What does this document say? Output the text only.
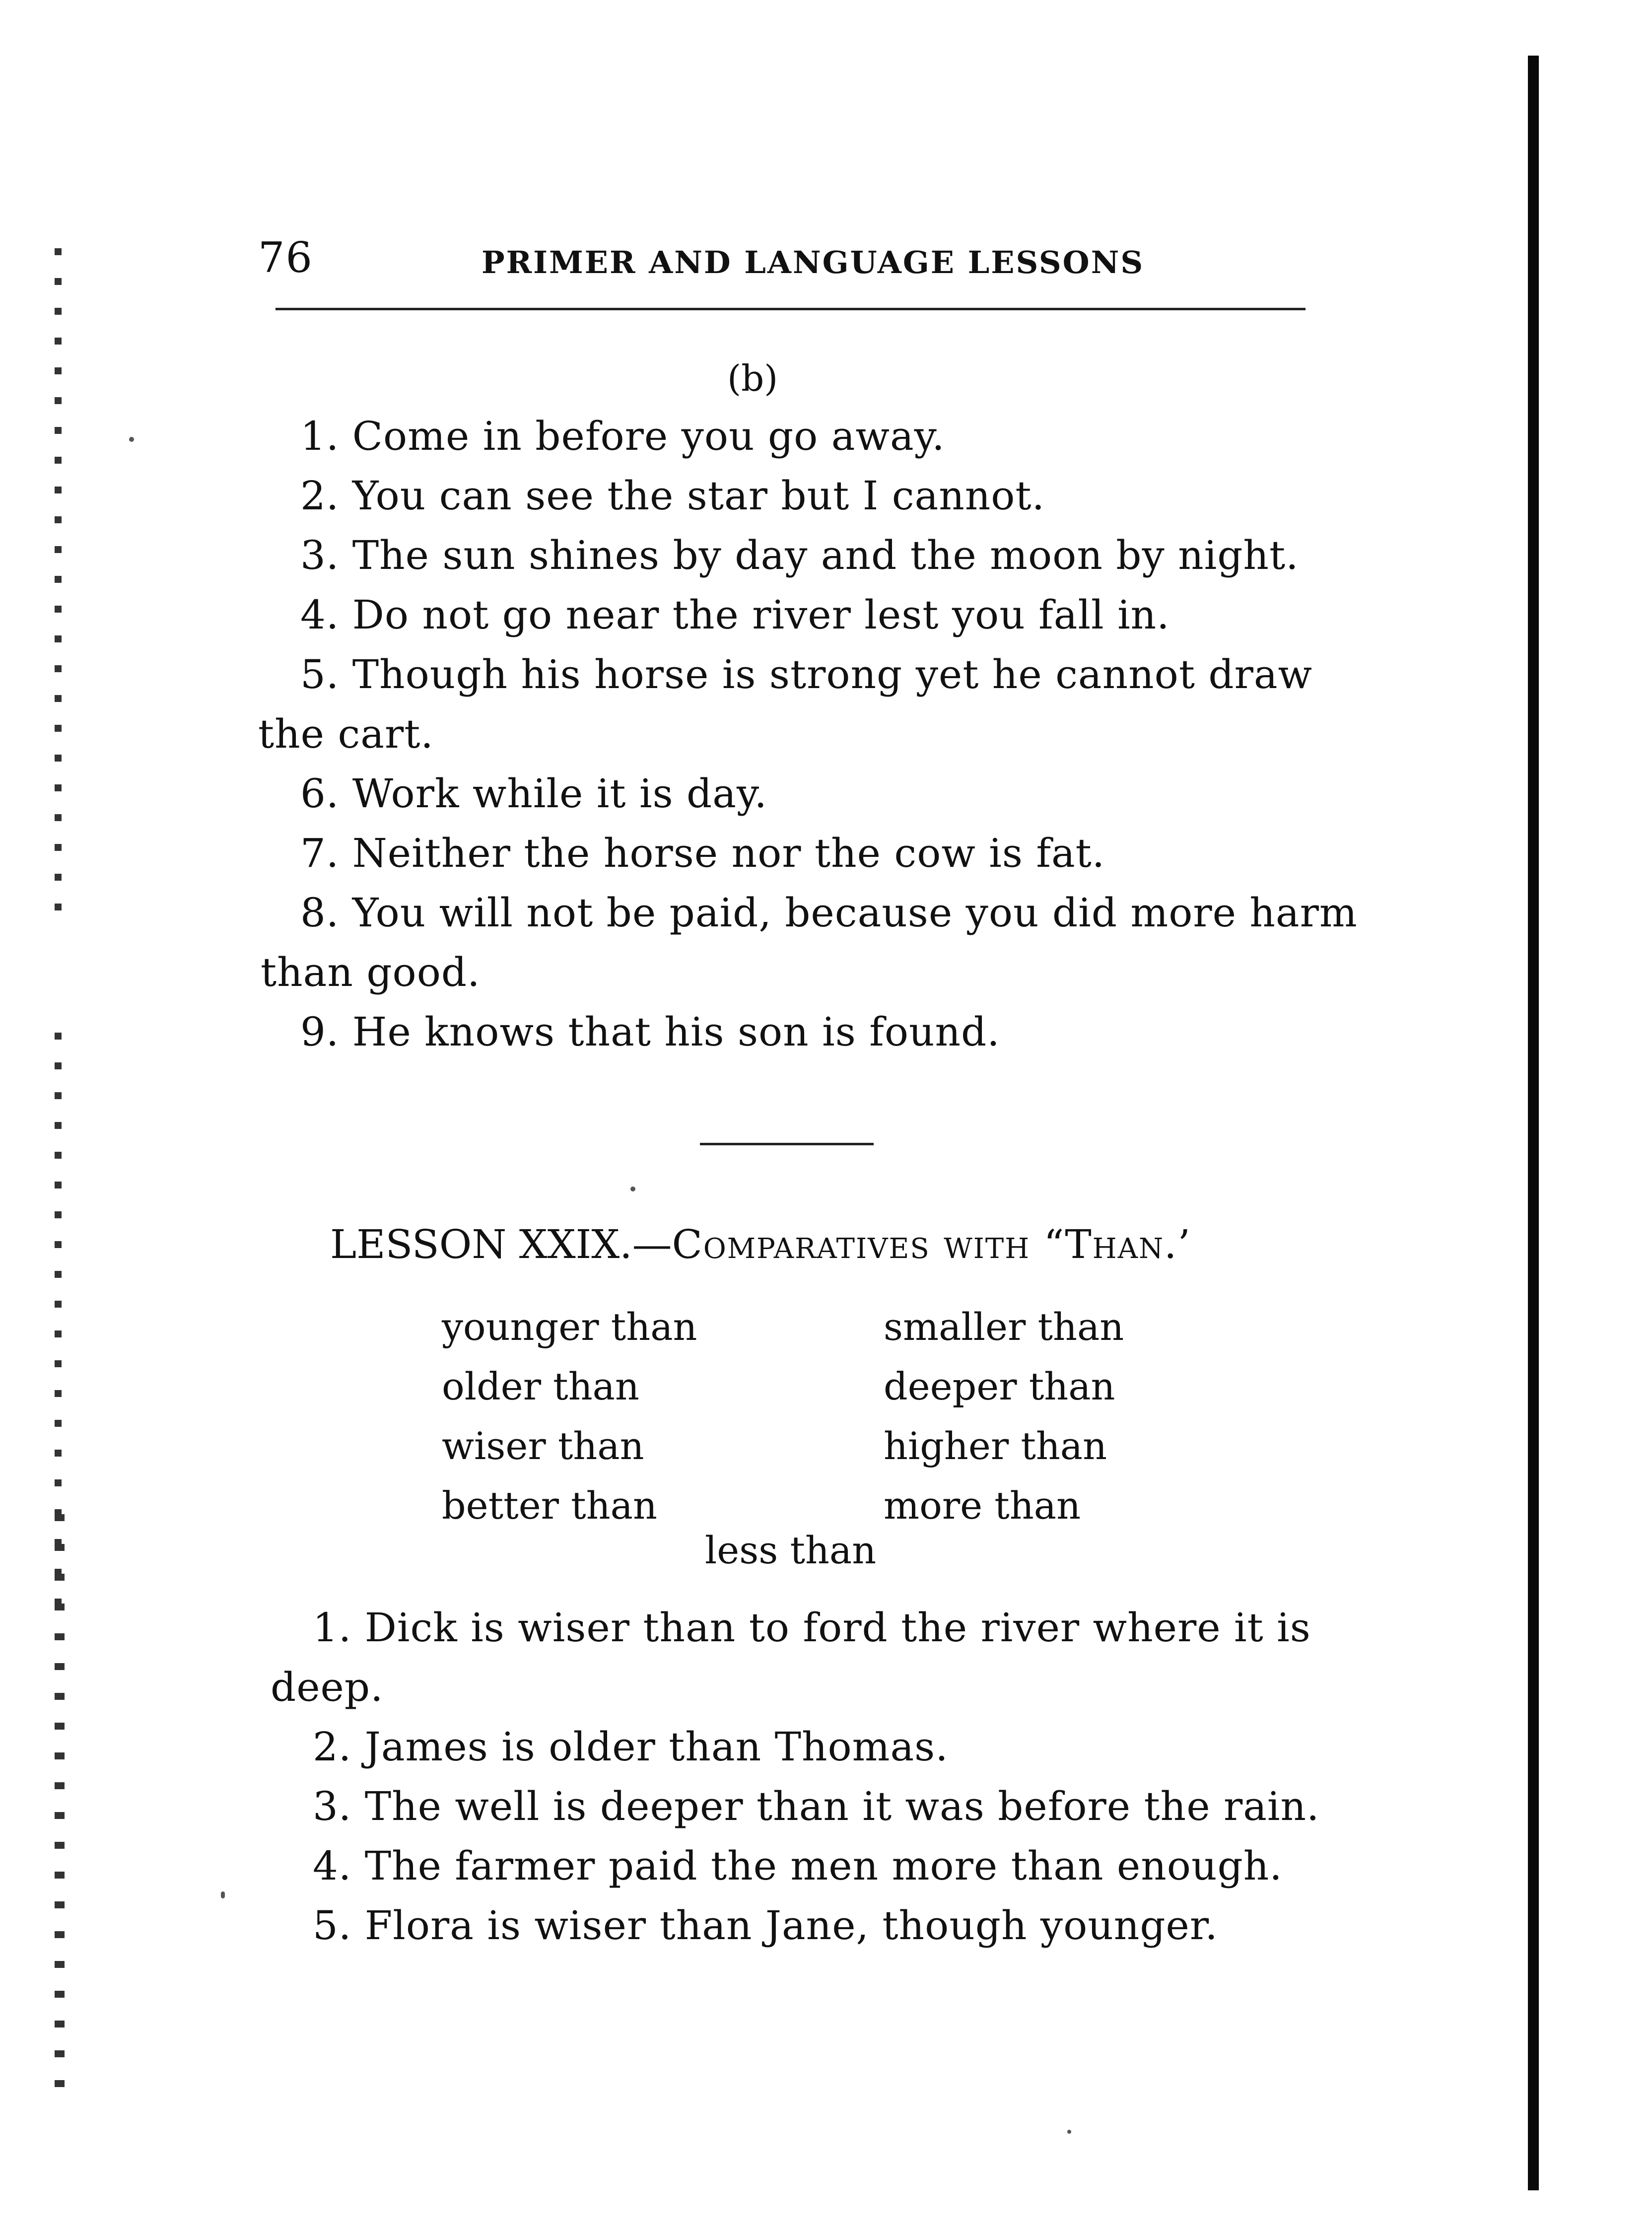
76	PRIMER AND LANGUAGE LESSONS
(b)
1. Come in before you go away.
2. You can see the star but I cannot.
3. The sun shines by day and the moon by night.
4. Do not go near the river lest you fall in.
5. Though his horse is strong yet he cannot draw
the cart.
6. Work while it is day.
7. Neither the horse nor the cow is fat.
8. You will not be paid, because you did more harm
than good.
9. He knows that his son is found.
LESSON XXIX.—Comparatives with “Than.’
younger than	smaller than
older than	deeper than
wiser than	higher than
better than	more than
less than
1. Dick is wiser than to ford the river where it is
deep.
2. James is older than Thomas.
3. The well is deeper than it was before the rain.
4. The farmer paid the men more than enough.
5. Flora is wiser than Jane, though younger.
